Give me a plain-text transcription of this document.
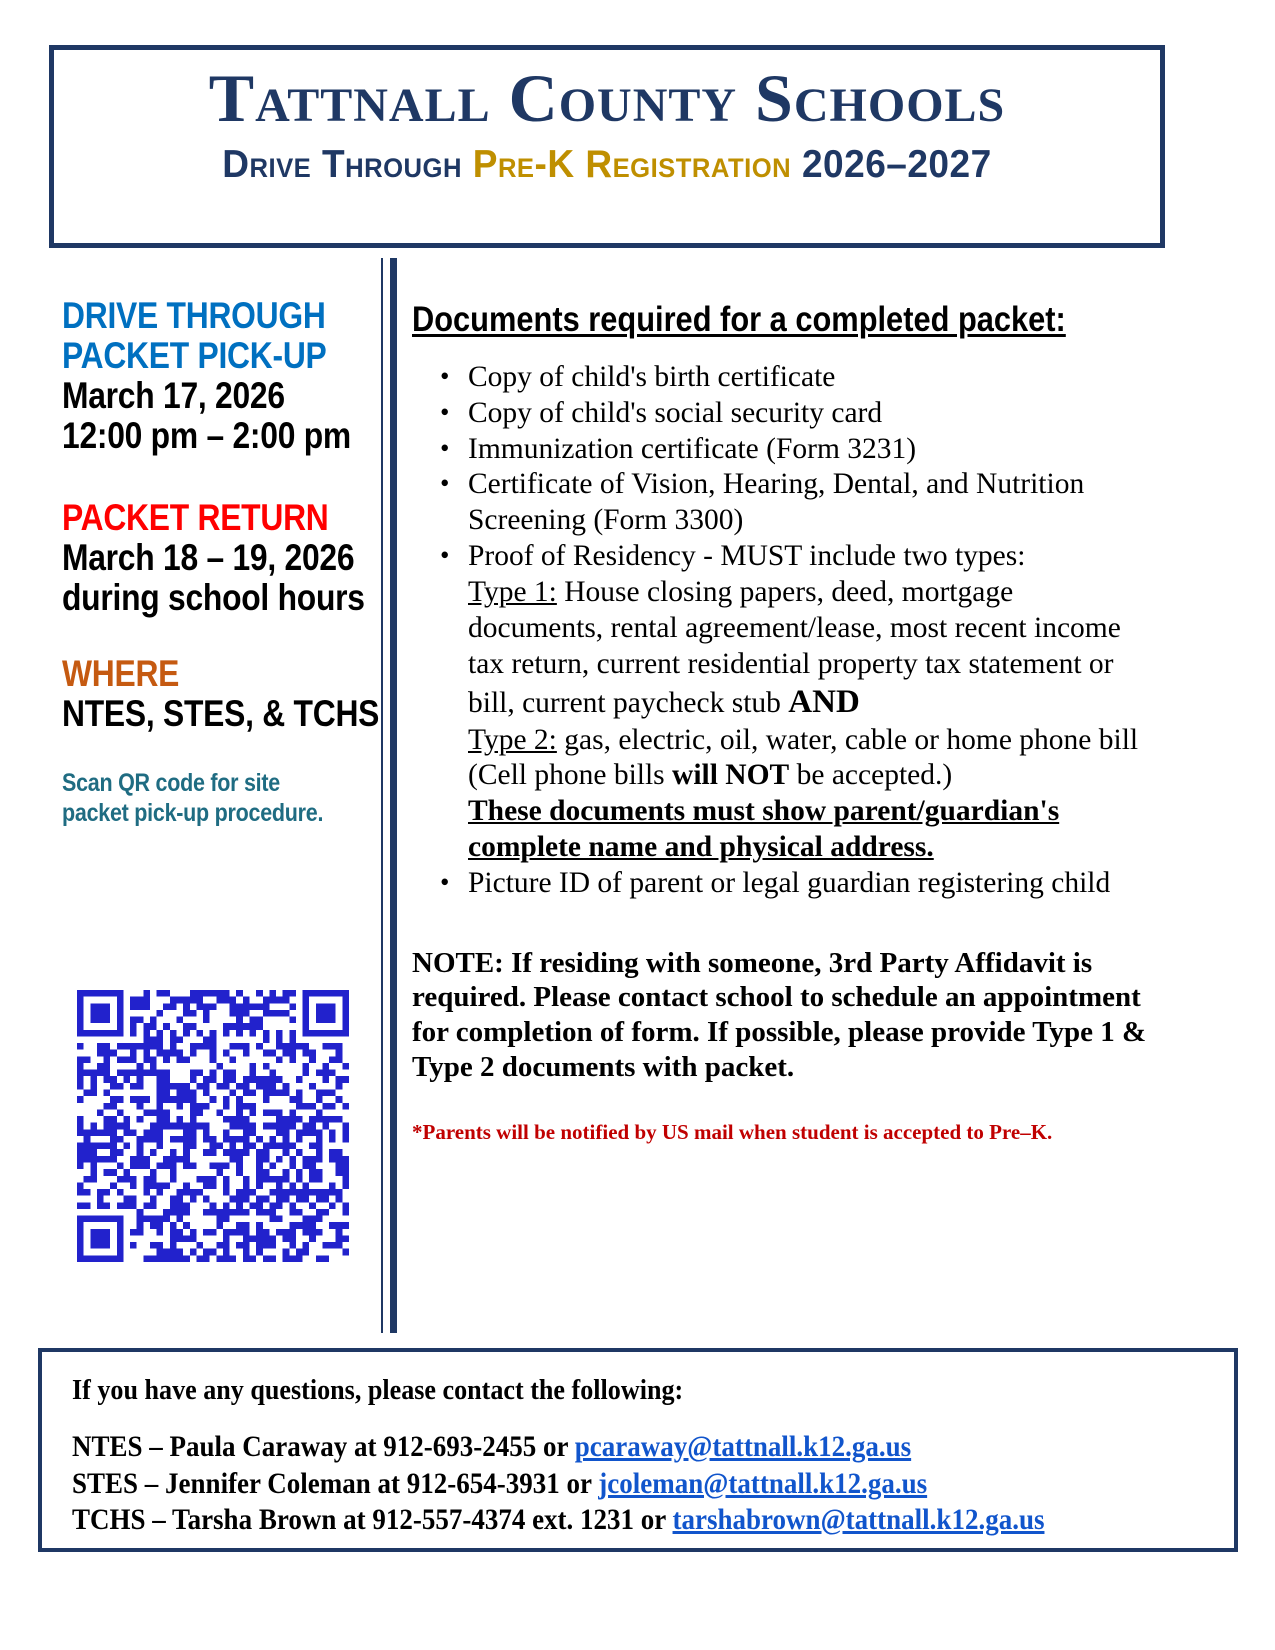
Tattnall County Schools
Drive Through Pre-K Registration 2026–2027
DRIVE THROUGH
PACKET PICK-UP
March 17, 2026
12:00 pm – 2:00 pm
PACKET RETURN
March 18 – 19, 2026
during school hours
WHERE
NTES, STES, & TCHS
Scan QR code for site
packet pick-up procedure.
Documents required for a completed packet:
• Copy of child's birth certificate
• Copy of child's social security card
• Immunization certificate (Form 3231)
• Certificate of Vision, Hearing, Dental, and Nutrition Screening (Form 3300)
• Proof of Residency - MUST include two types:
Type 1: House closing papers, deed, mortgage documents, rental agreement/lease, most recent income tax return, current residential property tax statement or bill, current paycheck stub AND
Type 2: gas, electric, oil, water, cable or home phone bill
(Cell phone bills will NOT be accepted.)
These documents must show parent/guardian's complete name and physical address.
• Picture ID of parent or legal guardian registering child
NOTE: If residing with someone, 3rd Party Affidavit is required. Please contact school to schedule an appointment for completion of form. If possible, please provide Type 1 & Type 2 documents with packet.
*Parents will be notified by US mail when student is accepted to Pre–K.
If you have any questions, please contact the following:
NTES – Paula Caraway at 912-693-2455 or pcaraway@tattnall.k12.ga.us
STES – Jennifer Coleman at 912-654-3931 or jcoleman@tattnall.k12.ga.us
TCHS – Tarsha Brown at 912-557-4374 ext. 1231 or tarshabrown@tattnall.k12.ga.us
